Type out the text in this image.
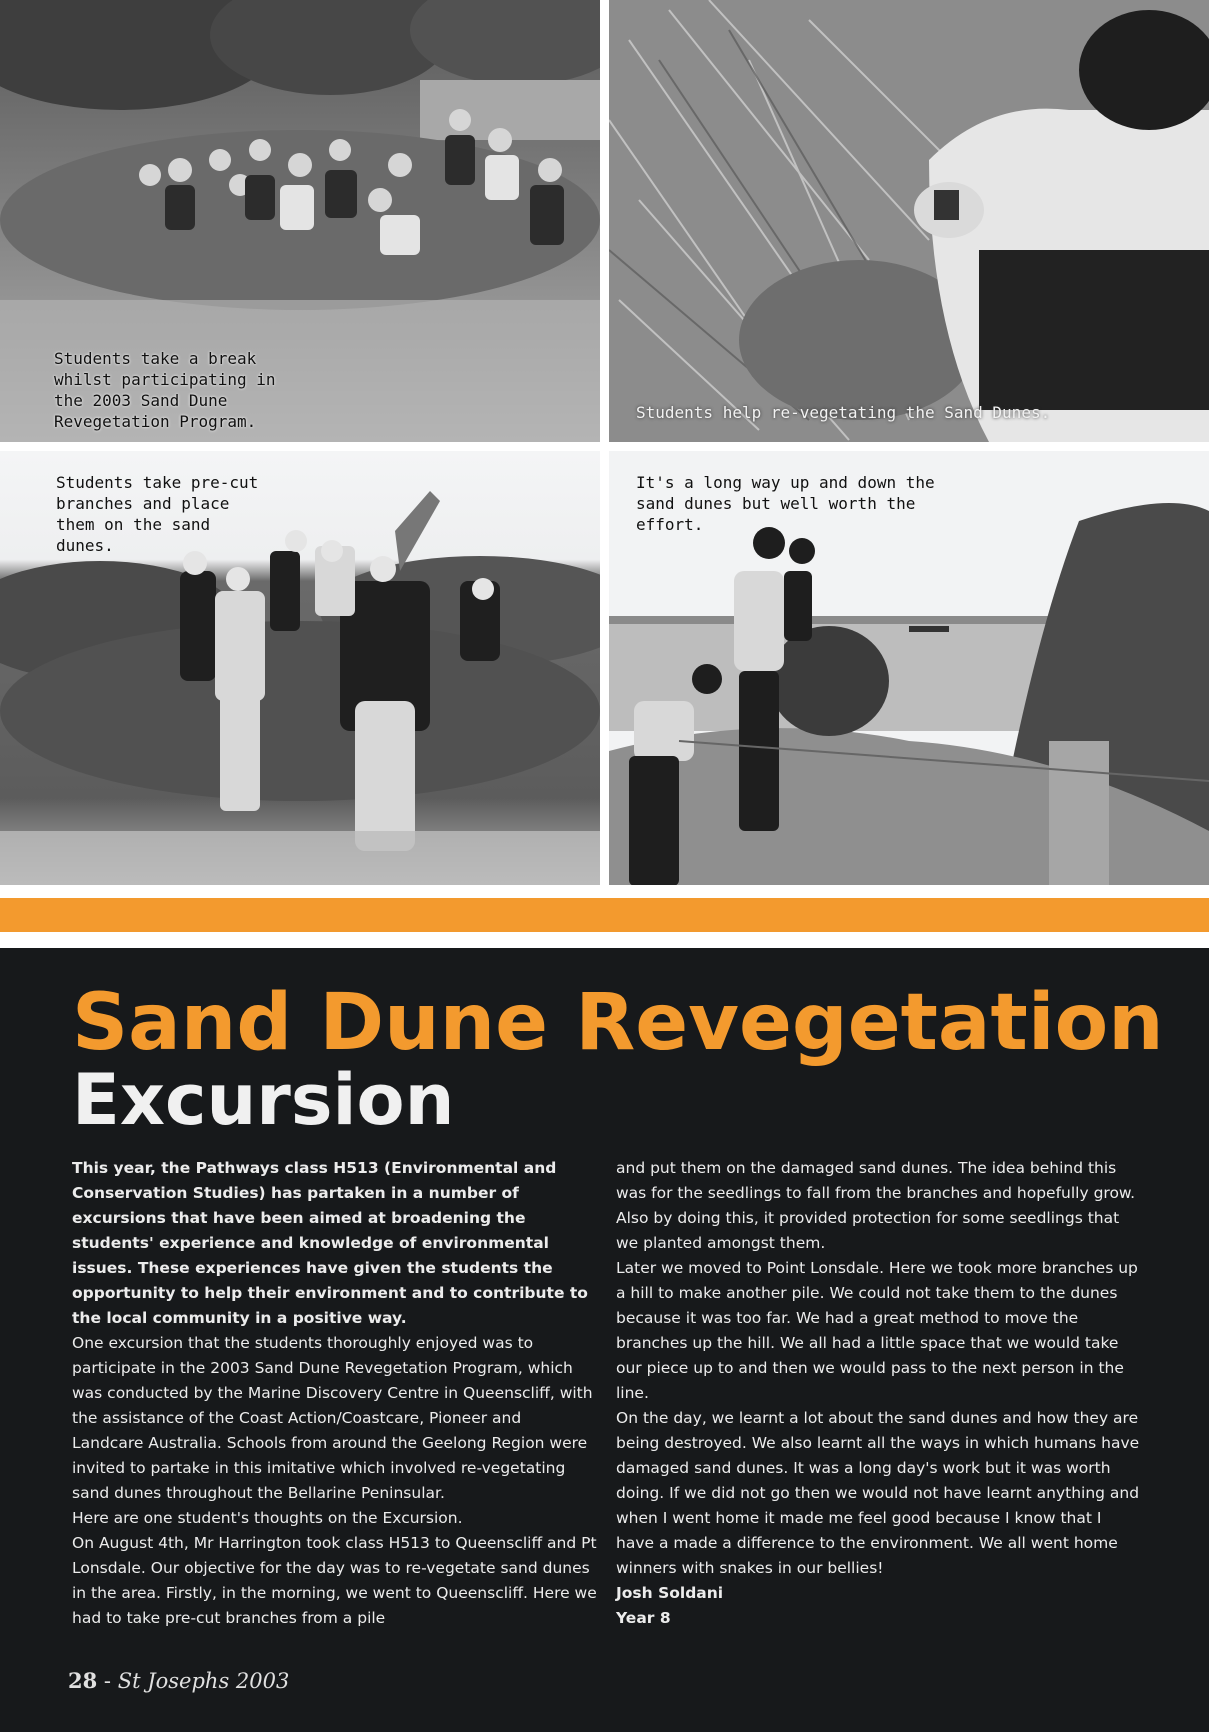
Students take a break whilst participating in the 2003 Sand Dune Revegetation Program.	Students help re-vegetating the Sand Dunes.
Students take pre-cut branches and place them on the sand dunes.
It's a long way up and down the sand dunes but well worth the effort.
Sand Dune Revegetation
Excursion

This year, the Pathways class H513 (Environmental and Conservation Studies) has partaken in a number of excursions that have been aimed at broadening the students' experience and knowledge of environmental issues. These experiences have given the students the opportunity to help their environment and to contribute to the local community in a positive way.

One excursion that the students thoroughly enjoyed was to participate in the 2003 Sand Dune Revegetation Program, which was conducted by the Marine Discovery Centre in Queenscliff, with the assistance of the Coast Action/Coastcare, Pioneer and Landcare Australia. Schools from around the Geelong Region were invited to partake in this imitative which involved re-vegetating sand dunes throughout the Bellarine Peninsular.

Here are one student's thoughts on the Excursion.

On August 4th, Mr Harrington took class H513 to Queenscliff and Pt Lonsdale. Our objective for the day was to re-vegetate sand dunes in the area. Firstly, in the morning, we went to Queenscliff. Here we had to take pre-cut branches from a pile

and put them on the damaged sand dunes. The idea behind this was for the seedlings to fall from the branches and hopefully grow. Also by doing this, it provided protection for some seedlings that we planted amongst them.

Later we moved to Point Lonsdale. Here we took more branches up a hill to make another pile. We could not take them to the dunes because it was too far. We had a great method to move the branches up the hill. We all had a little space that we would take our piece up to and then we would pass to the next person in the line.

On the day, we learnt a lot about the sand dunes and how they are being destroyed. We also learnt all the ways in which humans have damaged sand dunes. It was a long day's work but it was worth doing. If we did not go then we would not have learnt anything and when I went home it made me feel good because I know that I have a made a difference to the environment. We all went home winners with snakes in our bellies!

Josh Soldani

Year 8

28 - St Josephs 2003
